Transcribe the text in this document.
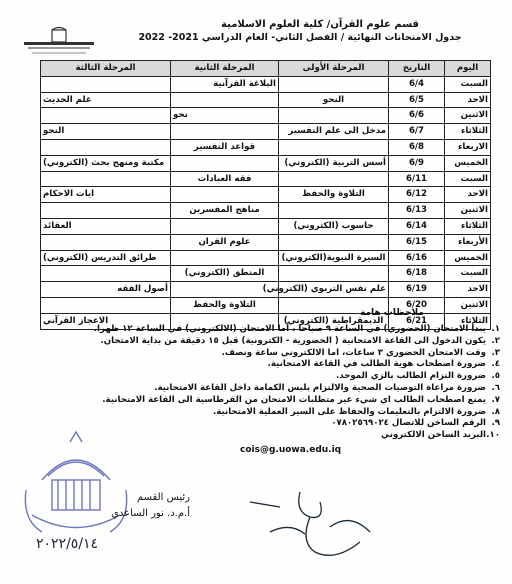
قسم علوم القرآن/ كلية العلوم الاسلامية
جدول الامتحانات النهائية / الفصل الثاني- العام الدراسي 2021- 2022
اليوم	التاريخ	المرحلة الأولى	المرحلة الثانية	المرحلة الثالثة
السبت	6/4		البلاغة القرآنية	
الاحد	6/5	النحو		علم الحديث
الاثنين	6/6		نحو	
الثلاثاء	6/7	مدخل الى علم التفسير		النحو
الاربعاء	6/8		قواعد التفسير	
الخميس	6/9	أسس التربية (الكتروني)		مكتبة ومنهج بحث (الكتروني)
السبت	6/11		فقه العبادات	
الاحد	6/12	التلاوة والحفظ		ايات الاحكام
الاثنين	6/13		مناهج المفسرين	
الثلاثاء	6/14	حاسوب (الكتروني)		العقائد
الأربعاء	6/15		علوم القران	
الخميس	6/16	السيرة النبوية(الكتروني)		طرائق التدريس (الكتروني)
السبت	6/18		المنطق (الكتروني)	
الاحد	6/19	علم نفس التربوي (الكتروني)		أصول الفقه
الاثنين	6/20		التلاوة والحفظ	
الثلاثاء	6/21	الديمقراطية (الكتروني)		الاعجاز القرآني
ملاحظات هامة
١.يبدأ الامتحان (الحضوري) في الساعة ٩ صباحا ، أما الامتحان (الالكتروني) في الساعة ١٢ ظهرا.
٢.يكون الدخول الى القاعة الامتحانية ( الحضورية - الكترونية) قبل ١٥ دقيقة من بداية الامتحان.
٣.وقت الامتحان الحضوري ٣ ساعات، اما الالكتروني ساعة ونصف.
٤.ضرورة اصطحاب هوية الطالب في القاعة الامتحانية.
٥.ضرورة التزام الطالب بالزي الموحد.
٦.ضرورة مراعاة التوصيات الصحية والالتزام بلبس الكمامة داخل القاعة الامتحانية.
٧.يمنع اصطحاب الطالب اي شيء غير متطلبات الامتحان من القرطاسية الى القاعة الامتحانية.
٨.ضرورة الالتزام بالتعليمات والحفاظ على السير العملية الامتحانية.
٩.الرقم الساخن للاتصال ٠٧٨٠٢٥٦٩٠٢٤
١٠.البريد الساخن الالكتروني
cois@g.uowa.edu.iq
رئيس القسم
أ.م.د. نور الساعدي
٢٠٢٢/٥/١٤
